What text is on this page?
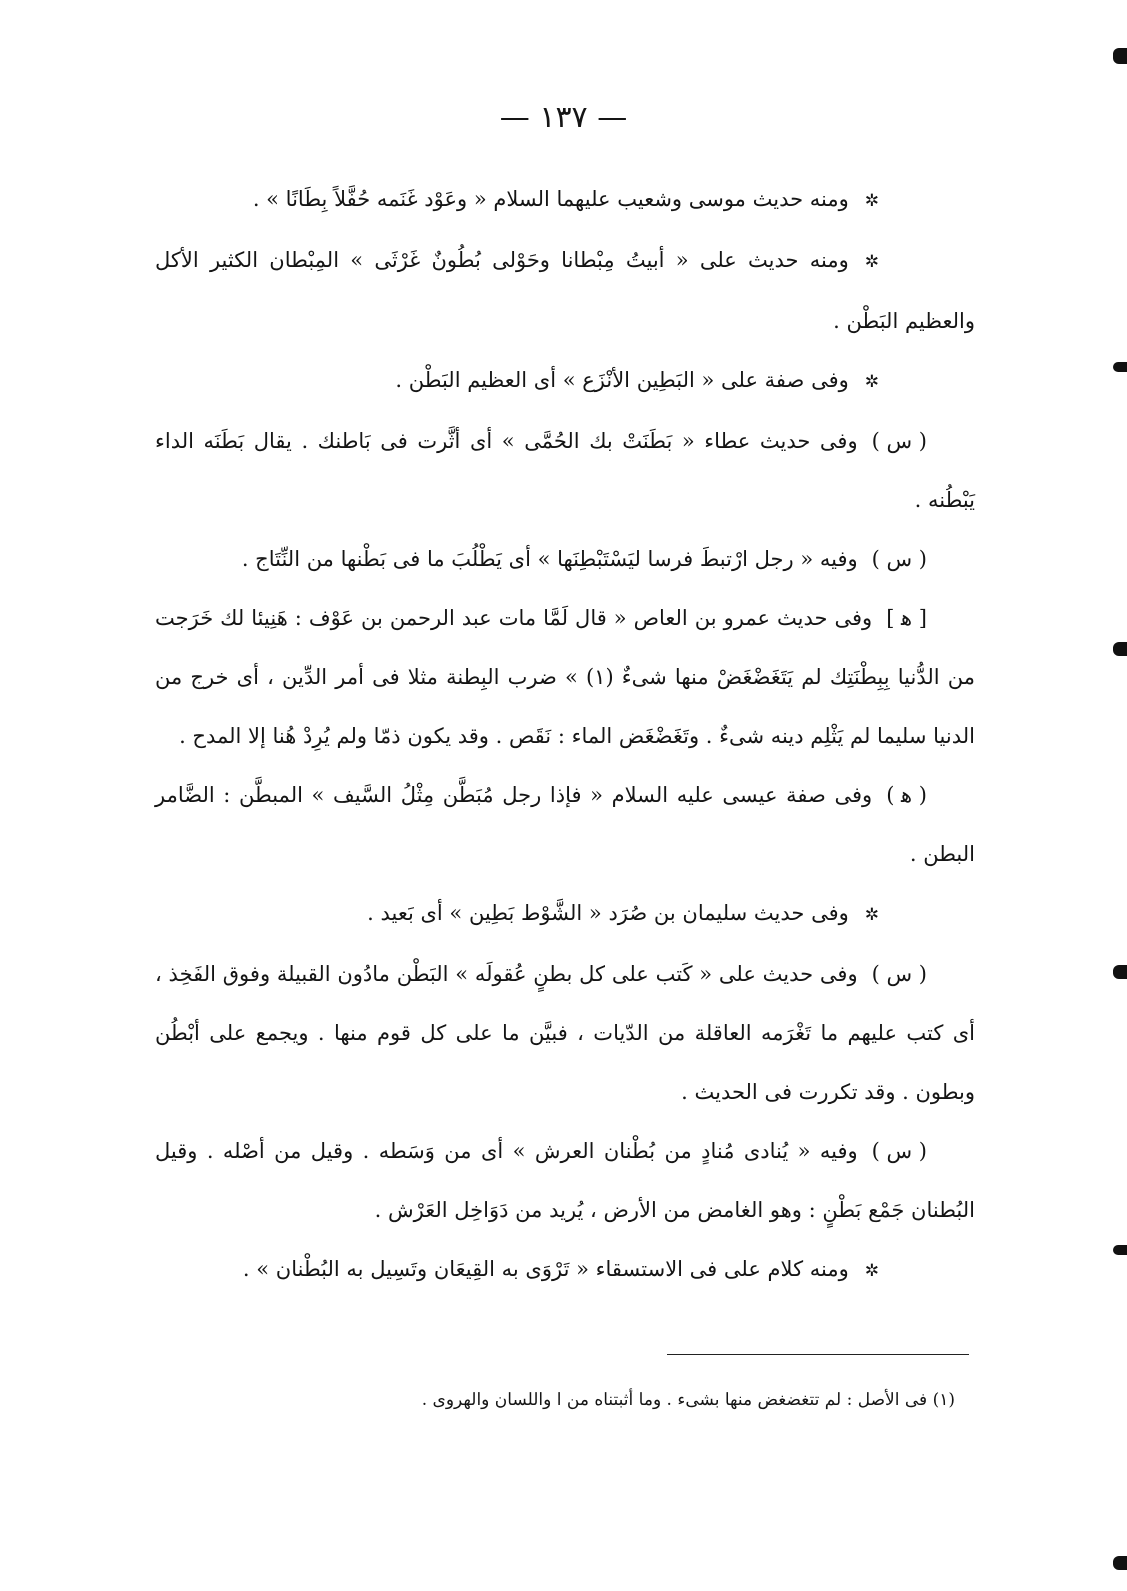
— ١٣٧ —

✲ومنه حديث موسى وشعيب عليهما السلام « وعَوْد غَنَمه حُفَّلاً بِطَانًا » .

✲ومنه حديث على « أبيتُ مِبْطانا وحَوْلى بُطُونٌ غَرْثَى » المِبْطان الكثير الأكل والعظيم البَطْن .

✲وفى صفة على « البَطِين الأنْزَع » أى العظيم البَطْن .

( س )وفى حديث عطاء « بَطَنَتْ بك الحُمَّى » أى أثَّرت فى بَاطنك . يقال بَطَنَه الداء يَبْطُنه .

( س )وفيه « رجل ارْتبطَ فرسا ليَسْتَبْطِنَها » أى يَطْلُبَ ما فى بَطْنها من النِّتَاج .

[ ﻫ ]وفى حديث عمرو بن العاص « قال لَمَّا مات عبد الرحمن بن عَوْف : هَنِيئا لك خَرَجت من الدُّنيا بِبِطْنَتِك لم يَتَغَضْغَضْ منها شىءٌ (١) » ضرب البِطنة مثلا فى أمر الدِّين ، أى خرج من الدنيا سليما لم يَثْلِم دينه شىءٌ . وتَغَضْغَض الماء : نَقَص . وقد يكون ذمّا ولم يُرِدْ هُنا إلا المدح .

( ﻫ )وفى صفة عيسى عليه السلام « فإذا رجل مُبَطَّن مِثْلُ السَّيف » المبطَّن : الضَّامر البطن .

✲وفى حديث سليمان بن صُرَد « الشَّوْط بَطِين » أى بَعيد .

( س )وفى حديث على « كَتب على كل بطنٍ عُقولَه » البَطْن مادُون القبيلة وفوق الفَخِذ ، أى كتب عليهم ما تَغْرَمه العاقلة من الدّيات ، فبيَّن ما على كل قوم منها . ويجمع على أبْطُن وبطون . وقد تكررت فى الحديث .

( س )وفيه « يُنادى مُنادٍ من بُطْنان العرش » أى من وَسَطه . وقيل من أصْله . وقيل البُطنان جَمْع بَطْنٍ : وهو الغامض من الأرض ، يُريد من دَوَاخِل العَرْش .

✲ومنه كلام على فى الاستسقاء « تَرْوَى به القِيعَان وتَسِيل به البُطْنان » .

(١) فى الأصل : لم تتغضغض منها بشىء . وما أثبتناه من ا واللسان والهروى .
